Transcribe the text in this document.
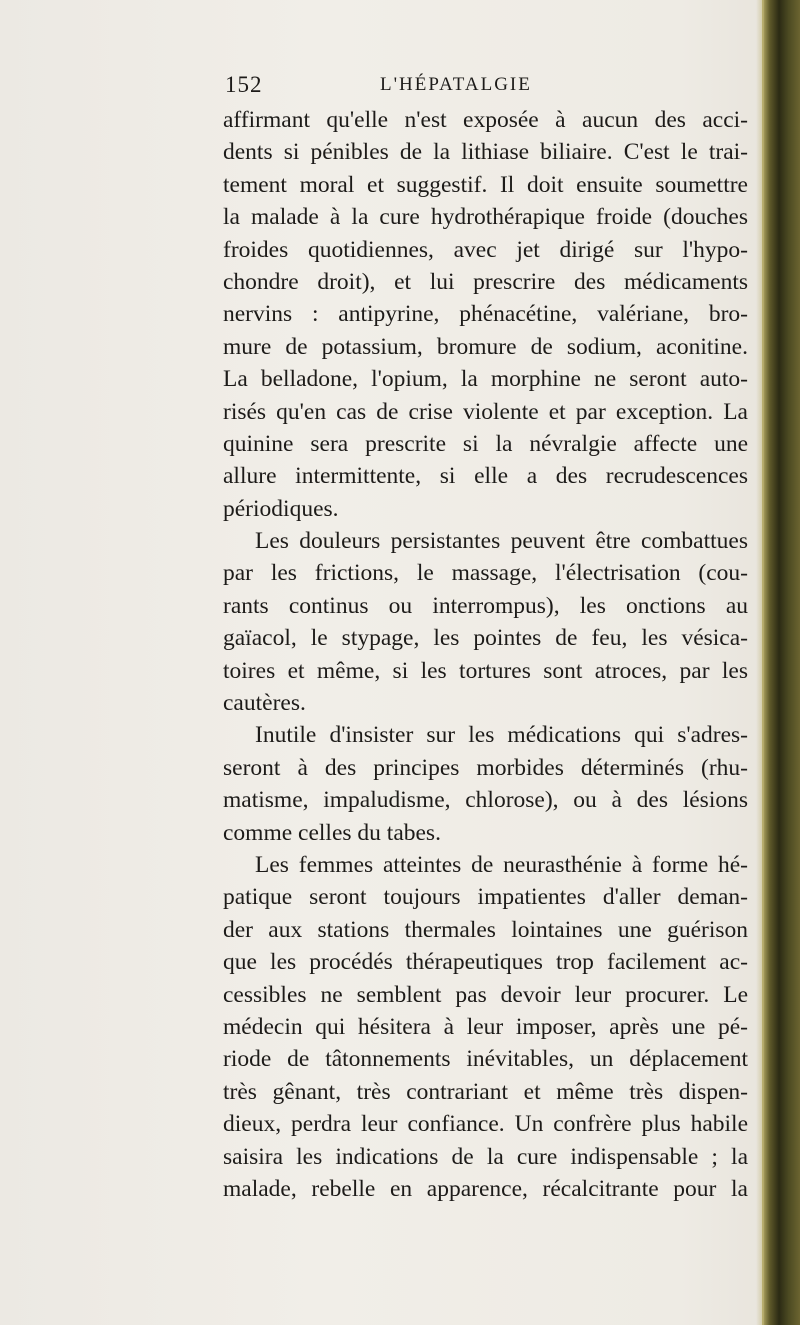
152	L'HÉPATALGIE
affirmant qu'elle n'est exposée à aucun des acci-
dents si pénibles de la lithiase biliaire. C'est le trai-
tement moral et suggestif. Il doit ensuite soumettre
la malade à la cure hydrothérapique froide (douches
froides quotidiennes, avec jet dirigé sur l'hypo-
chondre droit), et lui prescrire des médicaments
nervins : antipyrine, phénacétine, valériane, bro-
mure de potassium, bromure de sodium, aconitine.
La belladone, l'opium, la morphine ne seront auto-
risés qu'en cas de crise violente et par exception. La
quinine sera prescrite si la névralgie affecte une
allure intermittente, si elle a des recrudescences
périodiques.
Les douleurs persistantes peuvent être combattues
par les frictions, le massage, l'électrisation (cou-
rants continus ou interrompus), les onctions au
gaïacol, le stypage, les pointes de feu, les vésica-
toires et même, si les tortures sont atroces, par les
cautères.
Inutile d'insister sur les médications qui s'adres-
seront à des principes morbides déterminés (rhu-
matisme, impaludisme, chlorose), ou à des lésions
comme celles du tabes.
Les femmes atteintes de neurasthénie à forme hé-
patique seront toujours impatientes d'aller deman-
der aux stations thermales lointaines une guérison
que les procédés thérapeutiques trop facilement ac-
cessibles ne semblent pas devoir leur procurer. Le
médecin qui hésitera à leur imposer, après une pé-
riode de tâtonnements inévitables, un déplacement
très gênant, très contrariant et même très dispen-
dieux, perdra leur confiance. Un confrère plus habile
saisira les indications de la cure indispensable ; la
malade, rebelle en apparence, récalcitrante pour la
